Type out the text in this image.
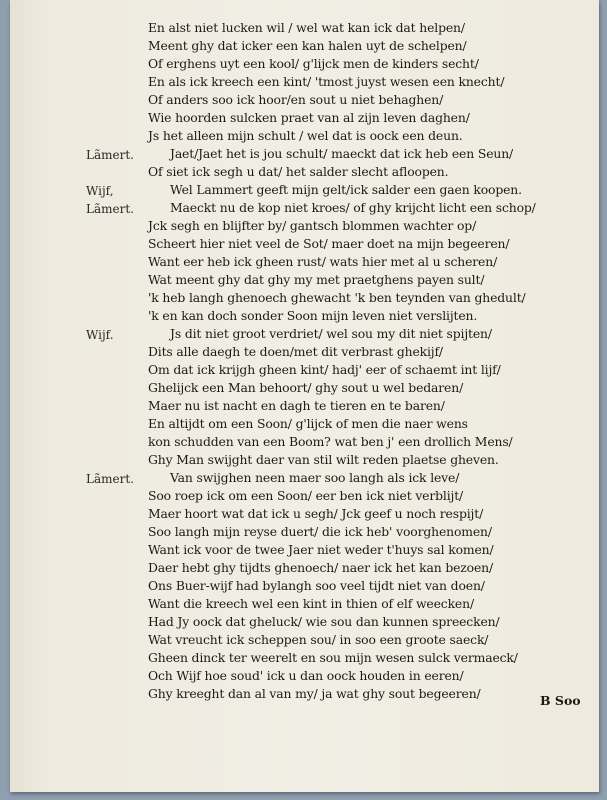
En alst niet lucken wil / wel wat kan ick dat helpen/
Meent ghy dat icker een kan halen uyt de schelpen/
Of erghens uyt een kool/ g'lijck men de kinders secht/
En als ick kreech een kint/ 'tmost juyst wesen een knecht/
Of anders soo ick hoor/en sout u niet behaghen/
Wie hoorden sulcken praet van al zijn leven daghen/
Js het alleen mijn schult / wel dat is oock een deun.
Jaet/Jaet het is jou schult/ maeckt dat ick heb een Seun/
Of siet ick segh u dat/ het salder slecht afloopen.
Wel Lammert geeft mijn gelt/ick salder een gaen koopen.
Maeckt nu de kop niet kroes/ of ghy krijcht licht een schop/
Jck segh en blijfter by/ gantsch blommen wachter op/
Scheert hier niet veel de Sot/ maer doet na mijn begeeren/
Want eer heb ick gheen rust/ wats hier met al u scheren/
Wat meent ghy dat ghy my met praetghens payen sult/
'k heb langh ghenoech ghewacht 'k ben teynden van ghedult/
'k en kan doch sonder Soon mijn leven niet verslijten.
Js dit niet groot verdriet/ wel sou my dit niet spijten/
Dits alle daegh te doen/met dit verbrast ghekijf/
Om dat ick krijgh gheen kint/ hadj' eer of schaemt int lijf/
Ghelijck een Man behoort/ ghy sout u wel bedaren/
Maer nu ist nacht en dagh te tieren en te baren/
En altijdt om een Soon/ g'lijck of men die naer wens
kon schudden van een Boom? wat ben j' een drollich Mens/
Ghy Man swijght daer van stil wilt reden plaetse gheven.
Van swijghen neen maer soo langh als ick leve/
Soo roep ick om een Soon/ eer ben ick niet verblijt/
Maer hoort wat dat ick u segh/ Jck geef u noch respijt/
Soo langh mijn reyse duert/ die ick heb' voorghenomen/
Want ick voor de twee Jaer niet weder t'huys sal komen/
Daer hebt ghy tijdts ghenoech/ naer ick het kan bezoen/
Ons Buer-wijf had bylangh soo veel tijdt niet van doen/
Want die kreech wel een kint in thien of elf weecken/
Had Jy oock dat gheluck/ wie sou dan kunnen spreecken/
Wat vreucht ick scheppen sou/ in soo een groote saeck/
Gheen dinck ter weerelt en sou mijn wesen sulck vermaeck/
Och Wijf hoe soud' ick u dan oock houden in eeren/
Ghy kreeght dan al van my/ ja wat ghy sout begeeren/
Lãmert.
Wijf,
Lãmert.
Wijf.
Lãmert.
B Soo
